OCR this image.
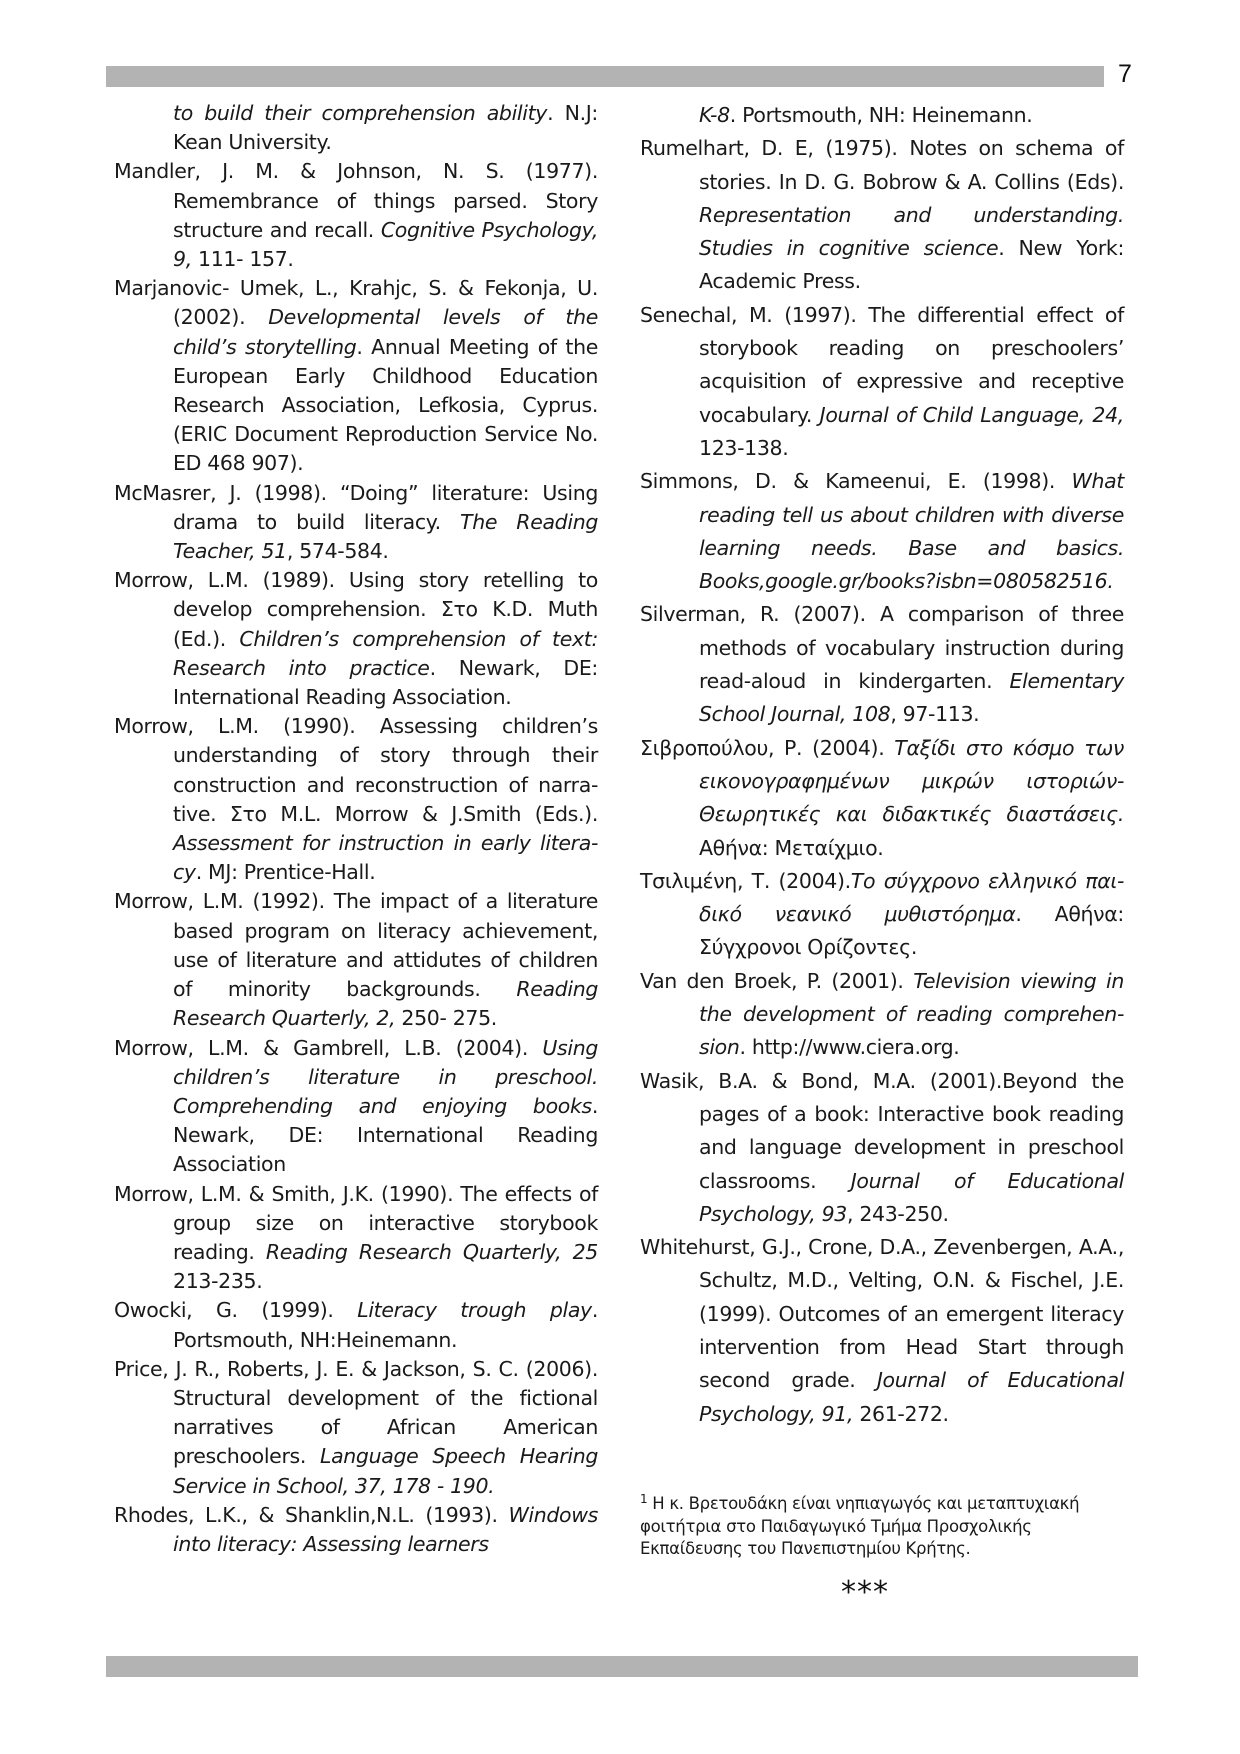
7

to build their comprehension ability. N.J: Kean University.

Mandler, J. M. & Johnson, N. S. (1977). Remembrance of things parsed. Story structure and recall. Cognitive Psychology, 9, 111- 157.

Marjanovic- Umek, L., Krahjc, S. & Fekonja, U. (2002). Developmental levels of the child’s storytelling. Annual Meeting of the European Early Childhood Education Research Association, Lefkosia, Cyprus. (ERIC Document Reproduction Service No. ED 468 907).

McMasrer, J. (1998). “Doing” literature: Using drama to build literacy. The Reading Teacher, 51, 574-584.

Morrow, L.M. (1989). Using story retelling to develop comprehension. Στο K.D. Muth (Ed.). Children’s comprehension of text: Research into practice. Newark, DE: International Reading Association.

Morrow, L.M. (1990). Assessing children’s understanding of story through their construction and reconstruction of narra-tive. Στο M.L. Morrow & J.Smith (Eds.). Assessment for instruction in early litera-cy. MJ: Prentice-Hall.

Morrow, L.M. (1992). The impact of a literature based program on literacy achievement, use of literature and attidutes of children of minority backgrounds. Reading Research Quarterly, 2, 250- 275.

Morrow, L.M. & Gambrell, L.B. (2004). Using children’s literature in preschool. Comprehending and enjoying books. Newark, DE: International Reading Association

Morrow, L.M. & Smith, J.K. (1990). The effects of group size on interactive storybook reading. Reading Research Quarterly, 25 213-235.

Owocki, G. (1999). Literacy trough play. Portsmouth, NH:Heinemann.

Price, J. R., Roberts, J. E. & Jackson, S. C. (2006). Structural development of the fictional narratives of African American preschoolers. Language Speech Hearing Service in School, 37, 178 - 190.

Rhodes, L.K., & Shanklin,N.L. (1993). Windows into literacy: Assessing learners

K-8. Portsmouth, NH: Heinemann.

Rumelhart, D. E, (1975). Notes on schema of stories. In D. G. Bobrow & A. Collins (Eds). Representation and understanding. Studies in cognitive science. New York: Academic Press.

Senechal, M. (1997). The differential effect of storybook reading on preschoolers’ acquisition of expressive and receptive vocabulary. Journal of Child Language, 24, 123-138.

Simmons, D. & Kameenui, E. (1998). What reading tell us about children with diverse learning needs. Base and basics. Books,google.gr/books?isbn=080582516.

Silverman, R. (2007). A comparison of three methods of vocabulary instruction during read-aloud in kindergarten. Elementary School Journal, 108, 97-113.

Σιβροπούλου, Ρ. (2004). Ταξίδι στο κόσμο των εικονογραφημένων μικρών ιστοριών- Θεωρητικές και διδακτικές διαστάσεις. Αθήνα: Μεταίχμιο.

Τσιλιμένη, Τ. (2004).Το σύγχρονο ελληνικό παι-δικό νεανικό μυθιστόρημα. Αθήνα: Σύγχρονοι Ορίζοντες.

Van den Broek, P. (2001). Television viewing in the development of reading comprehen-sion. http://www.ciera.org.

Wasik, B.A. & Bond, M.A. (2001).Beyond the pages of a book: Interactive book reading and language development in preschool classrooms. Journal of Educational Psychology, 93, 243-250.

Whitehurst, G.J., Crone, D.A., Zevenbergen, A.A., Schultz, M.D., Velting, O.N. & Fischel, J.E. (1999). Outcomes of an emergent literacy intervention from Head Start through second grade. Journal of Educational Psychology, 91, 261-272.

$^1$ Η κ. Βρετουδάκη είναι νηπιαγωγός και μεταπτυχιακή φοιτήτρια στο Παιδαγωγικό Τμήμα Προσχολικής Εκπαίδευσης του Πανεπιστημίου Κρήτης.
***
